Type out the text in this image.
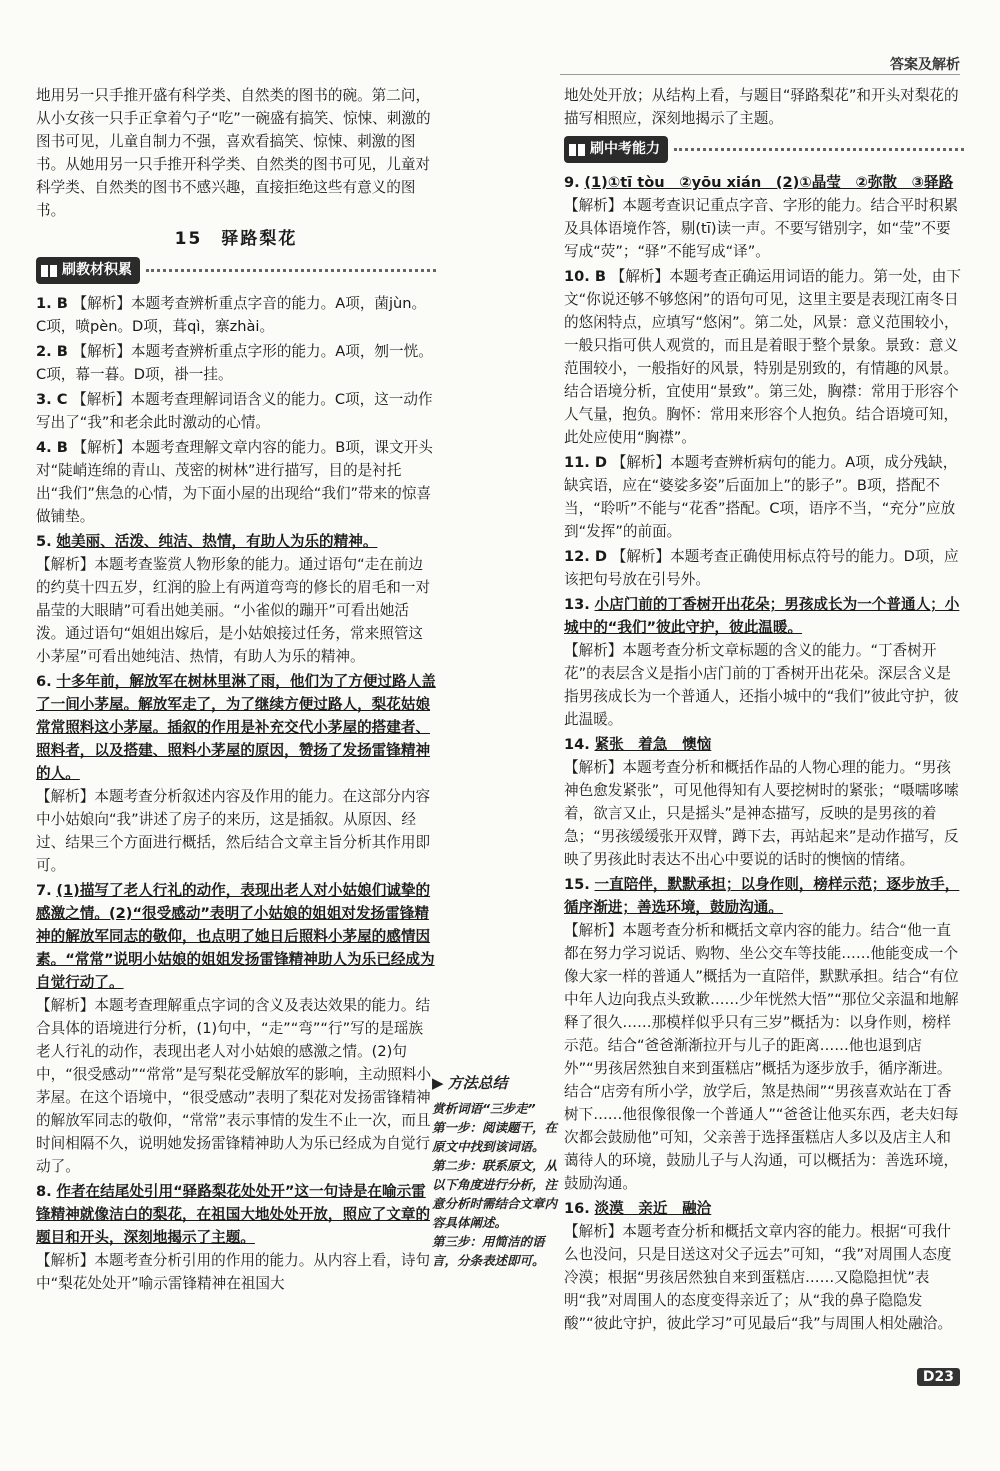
答案及解析

地用另一只手推开盛有科学类、自然类的图书的碗。第二问，从小女孩一只手正拿着勺子“吃”一碗盛有搞笑、惊悚、刺激的图书可见，儿童自制力不强，喜欢看搞笑、惊悚、刺激的图书。从她用另一只手推开科学类、自然类的图书可见，儿童对科学类、自然类的图书不感兴趣，直接拒绝这些有意义的图书。

15　驿路梨花
刷教材积累
1. B 【解析】本题考查辨析重点字音的能力。A项，菌jùn。C项，喷pèn。D项，葺qì，寨zhài。
2. B 【解析】本题考查辨析重点字形的能力。A项，刎一恍。C项，幕一暮。D项，褂一挂。
3. C 【解析】本题考查理解词语含义的能力。C项，这一动作写出了“我”和老余此时激动的心情。
4. B 【解析】本题考查理解文章内容的能力。B项，课文开头对“陡峭连绵的青山、茂密的树林”进行描写，目的是衬托出“我们”焦急的心情，为下面小屋的出现给“我们”带来的惊喜做铺垫。
5. 她美丽、活泼、纯洁、热情，有助人为乐的精神。
【解析】本题考查鉴赏人物形象的能力。通过语句“走在前边的约莫十四五岁，红润的脸上有两道弯弯的修长的眉毛和一对晶莹的大眼睛”可看出她美丽。“小雀似的蹦开”可看出她活泼。通过语句“姐姐出嫁后，是小姑娘接过任务，常来照管这小茅屋”可看出她纯洁、热情，有助人为乐的精神。
6. 十多年前，解放军在树林里淋了雨，他们为了方便过路人盖了一间小茅屋。解放军走了，为了继续方便过路人，梨花姑娘常常照料这小茅屋。插叙的作用是补充交代小茅屋的搭建者、照料者，以及搭建、照料小茅屋的原因，赞扬了发扬雷锋精神的人。
【解析】本题考查分析叙述内容及作用的能力。在这部分内容中小姑娘向“我”讲述了房子的来历，这是插叙。从原因、经过、结果三个方面进行概括，然后结合文章主旨分析其作用即可。
7. (1)描写了老人行礼的动作，表现出老人对小姑娘们诚挚的感激之情。(2)“很受感动”表明了小姑娘的姐姐对发扬雷锋精神的解放军同志的敬仰，也点明了她日后照料小茅屋的感情因素。“常常”说明小姑娘的姐姐发扬雷锋精神助人为乐已经成为自觉行动了。
【解析】本题考查理解重点字词的含义及表达效果的能力。结合具体的语境进行分析，(1)句中，“走”“弯”“行”写的是瑶族老人行礼的动作，表现出老人对小姑娘的感激之情。(2)句中，“很受感动”“常常”是写梨花受解放军的影响，主动照料小茅屋。在这个语境中，“很受感动”表明了梨花对发扬雷锋精神的解放军同志的敬仰，“常常”表示事情的发生不止一次，而且时间相隔不久，说明她发扬雷锋精神助人为乐已经成为自觉行动了。
8. 作者在结尾处引用“驿路梨花处处开”这一句诗是在喻示雷锋精神就像洁白的梨花，在祖国大地处处开放，照应了文章的题目和开头，深刻地揭示了主题。
【解析】本题考查分析引用的作用的能力。从内容上看，诗句中“梨花处处开”喻示雷锋精神在祖国大
▶ 方法总结
赏析词语“三步走”
第一步：阅读题干，在原文中找到该词语。
第二步：联系原文，从以下角度进行分析，注意分析时需结合文章内容具体阐述。
第三步：用简洁的语言，分条表述即可。

地处处开放；从结构上看，与题目“驿路梨花”和开头对梨花的描写相照应，深刻地揭示了主题。

刷中考能力
9. (1)①tī tòu　②yōu xián　(2)①晶莹　②弥散　③驿路
【解析】本题考查识记重点字音、字形的能力。结合平时积累及具体语境作答，剔(tī)读一声。不要写错别字，如“莹”不要写成“荧”；“驿”不能写成“译”。
10. B 【解析】本题考查正确运用词语的能力。第一处，由下文“你说还够不够悠闲”的语句可见，这里主要是表现江南冬日的悠闲特点，应填写“悠闲”。第二处，风景：意义范围较小，一般只指可供人观赏的，而且是着眼于整个景象。景致：意义范围较小，一般指好的风景，特别是别致的，有情趣的风景。结合语境分析，宜使用“景致”。第三处，胸襟：常用于形容个人气量，抱负。胸怀：常用来形容个人抱负。结合语境可知，此处应使用“胸襟”。
11. D 【解析】本题考查辨析病句的能力。A项，成分残缺，缺宾语，应在“婆娑多姿”后面加上”的影子”。B项，搭配不当，“聆听”不能与“花香”搭配。C项，语序不当，“充分”应放到“发挥”的前面。
12. D 【解析】本题考查正确使用标点符号的能力。D项，应该把句号放在引号外。
13. 小店门前的丁香树开出花朵；男孩成长为一个普通人；小城中的“我们”彼此守护，彼此温暖。
【解析】本题考查分析文章标题的含义的能力。“丁香树开花”的表层含义是指小店门前的丁香树开出花朵。深层含义是指男孩成长为一个普通人，还指小城中的“我们”彼此守护，彼此温暖。
14. 紧张　着急　懊恼
【解析】本题考查分析和概括作品的人物心理的能力。“男孩神色愈发紧张”，可见他得知有人要挖树时的紧张；“嗫嚅哆嗦着，欲言又止，只是摇头”是神态描写，反映的是男孩的着急；“男孩缓缓张开双臂，蹲下去，再站起来”是动作描写，反映了男孩此时表达不出心中要说的话时的懊恼的情绪。
15. 一直陪伴，默默承担；以身作则，榜样示范；逐步放手，循序渐进；善选环境，鼓励沟通。
【解析】本题考查分析和概括文章内容的能力。结合“他一直都在努力学习说话、购物、坐公交车等技能……他能变成一个像大家一样的普通人”概括为一直陪伴，默默承担。结合“有位中年人边向我点头致歉……少年恍然大悟”“那位父亲温和地解释了很久……那模样似乎只有三岁”概括为：以身作则，榜样示范。结合“爸爸渐渐拉开与儿子的距离……他也退到店外”“男孩居然独自来到蛋糕店”概括为逐步放手，循序渐进。结合“店旁有所小学，放学后，煞是热闹”“男孩喜欢站在丁香树下……他很像很像一个普通人”“爸爸让他买东西，老夫妇每次都会鼓励他”可知，父亲善于选择蛋糕店人多以及店主人和蔼待人的环境，鼓励儿子与人沟通，可以概括为：善选环境，鼓励沟通。
16. 淡漠　亲近　融洽
【解析】本题考查分析和概括文章内容的能力。根据“可我什么也没问，只是目送这对父子远去”可知，“我”对周围人态度冷漠；根据“男孩居然独自来到蛋糕店……又隐隐担忧”表明“我”对周围人的态度变得亲近了；从“我的鼻子隐隐发酸”“彼此守护，彼此学习”可见最后“我”与周围人相处融洽。
D23
